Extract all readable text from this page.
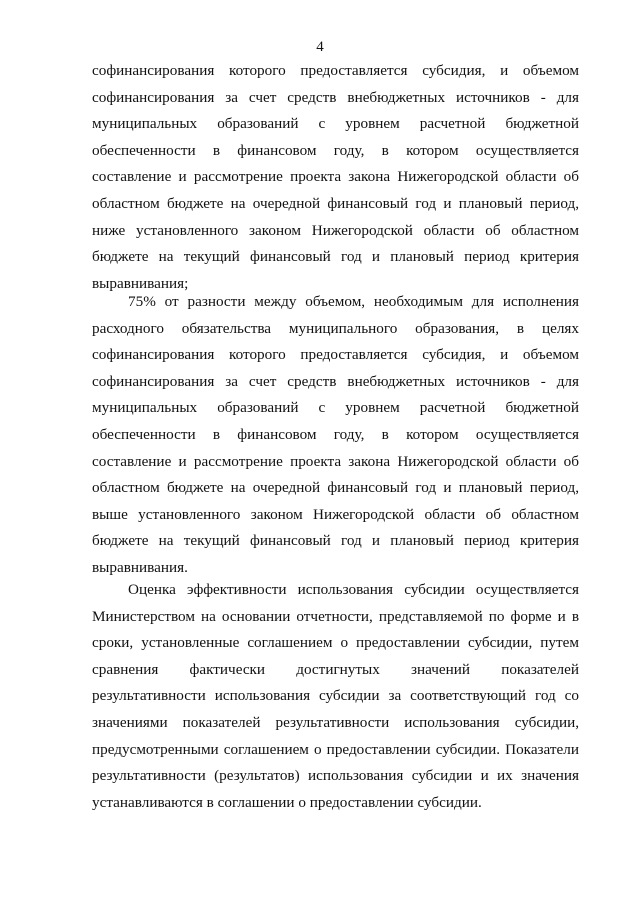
4
софинансирования которого предоставляется субсидия, и объемом
софинансирования за счет средств внебюджетных источников - для
муниципальных образований с уровнем расчетной бюджетной
обеспеченности в финансовом году, в котором осуществляется
составление и рассмотрение проекта закона Нижегородской области об
областном бюджете на очередной финансовый год и плановый период,
ниже установленного законом Нижегородской области об областном
бюджете на текущий финансовый год и плановый период критерия
выравнивания;
75% от разности между объемом, необходимым для исполнения
расходного обязательства муниципального образования, в целях
софинансирования которого предоставляется субсидия, и объемом
софинансирования за счет средств внебюджетных источников - для
муниципальных образований с уровнем расчетной бюджетной
обеспеченности в финансовом году, в котором осуществляется
составление и рассмотрение проекта закона Нижегородской области об
областном бюджете на очередной финансовый год и плановый период,
выше установленного законом Нижегородской области об областном
бюджете на текущий финансовый год и плановый период критерия
выравнивания.
Оценка эффективности использования субсидии осуществляется
Министерством на основании отчетности, представляемой по форме и в
сроки, установленные соглашением о предоставлении субсидии, путем
сравнения фактически достигнутых значений показателей
результативности использования субсидии за соответствующий год со
значениями показателей результативности использования субсидии,
предусмотренными соглашением о предоставлении субсидии. Показатели
результативности (результатов) использования субсидии и их значения
устанавливаются в соглашении о предоставлении субсидии.
